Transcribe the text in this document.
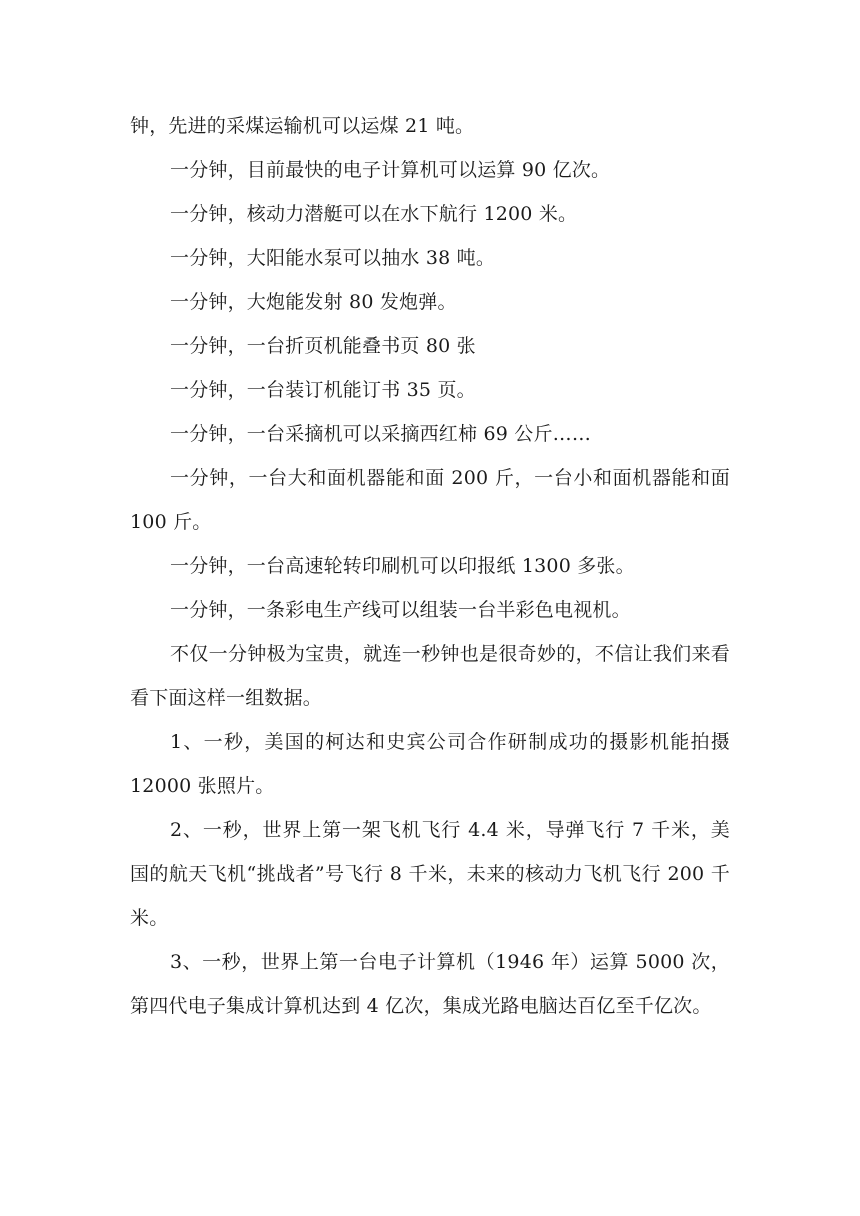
钟，先进的采煤运输机可以运煤 21 吨。

一分钟，目前最快的电子计算机可以运算 90 亿次。

一分钟，核动力潜艇可以在水下航行 1200 米。

一分钟，大阳能水泵可以抽水 38 吨。

一分钟，大炮能发射 80 发炮弹。

一分钟，一台折页机能叠书页 80 张

一分钟，一台装订机能订书 35 页。

一分钟，一台采摘机可以采摘西红柿 69 公斤……

一分钟，一台大和面机器能和面 200 斤，一台小和面机器能和面 100 斤。

一分钟，一台高速轮转印刷机可以印报纸 1300 多张。

一分钟，一条彩电生产线可以组装一台半彩色电视机。

不仅一分钟极为宝贵，就连一秒钟也是很奇妙的，不信让我们来看看下面这样一组数据。

1、一秒，美国的柯达和史宾公司合作研制成功的摄影机能拍摄 12000 张照片。

2、一秒，世界上第一架飞机飞行 4.4 米，导弹飞行 7 千米，美国的航天飞机“挑战者”号飞行 8 千米，未来的核动力飞机飞行 200 千米。

3、一秒，世界上第一台电子计算机（1946 年）运算 5000 次，第四代电子集成计算机达到 4 亿次，集成光路电脑达百亿至千亿次。
